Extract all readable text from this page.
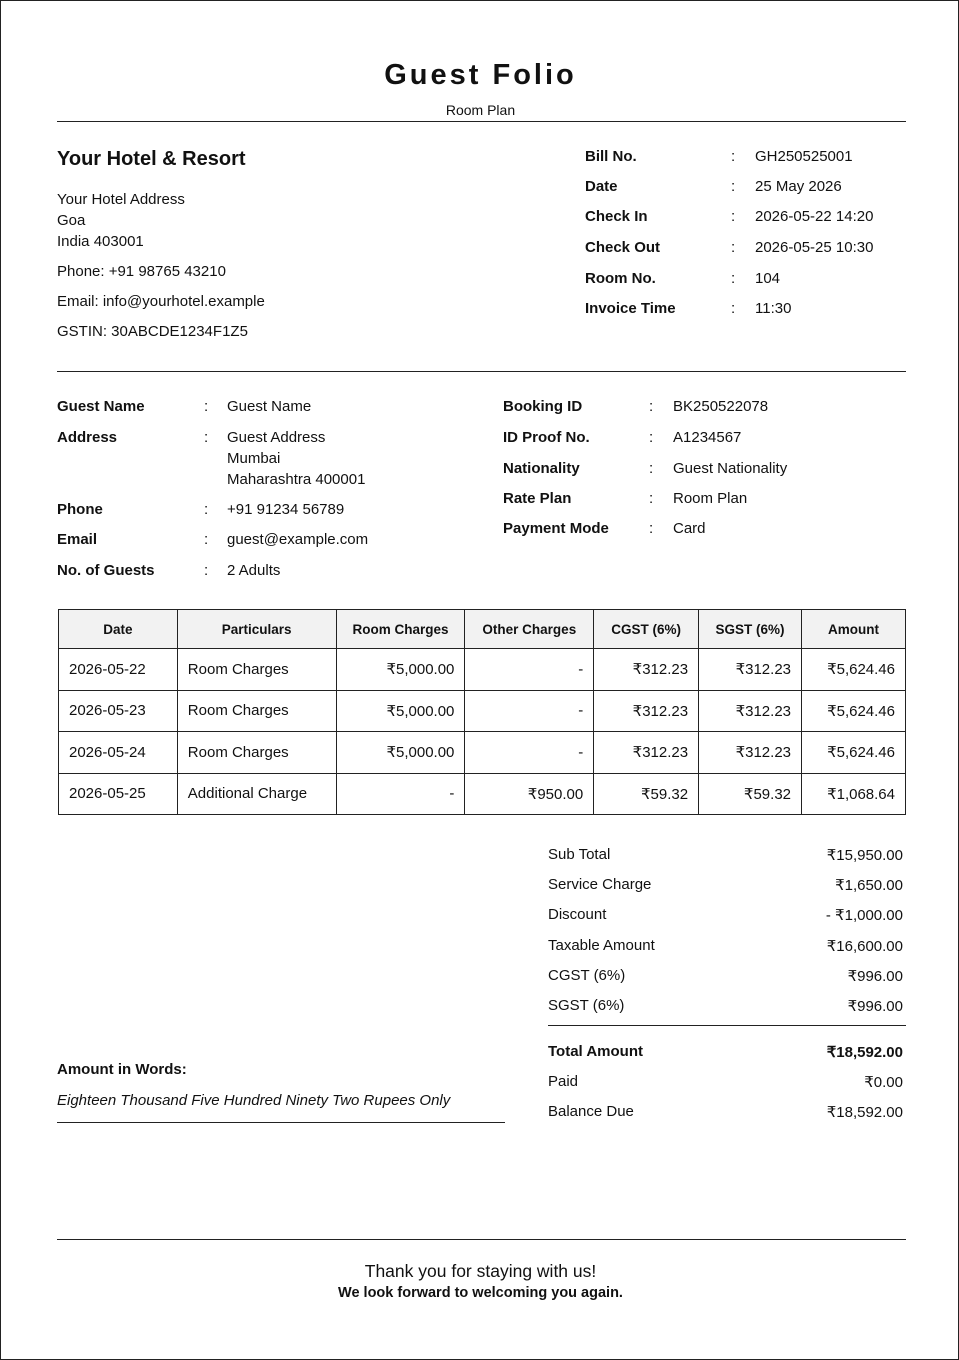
Guest Folio
Room Plan
Your Hotel & Resort
Your Hotel Address
Goa
India 403001
Phone: +91 98765 43210
Email: info@yourhotel.example
GSTIN: 30ABCDE1234F1Z5
Bill No.	: GH250525001
Date	: 25 May 2026
Check In	: 2026-05-22 14:20
Check Out	: 2026-05-25 10:30
Room No.	: 104
Invoice Time	: 11:30
Guest Name	: Guest Name
Address	: Guest Address
Mumbai
Maharashtra 400001
Phone	: +91 91234 56789
Email	: guest@example.com
No. of Guests	: 2 Adults
Booking ID	: BK250522078
ID Proof No.	: A1234567
Nationality	: Guest Nationality
Rate Plan	: Room Plan
Payment Mode	: Card
Date	Particulars	Room Charges	Other Charges	CGST (6%)	SGST (6%)	Amount
2026-05-22	Room Charges	₹5,000.00	-	₹312.23	₹312.23	₹5,624.46
2026-05-23	Room Charges	₹5,000.00	-	₹312.23	₹312.23	₹5,624.46
2026-05-24	Room Charges	₹5,000.00	-	₹312.23	₹312.23	₹5,624.46
2026-05-25	Additional Charge	-	₹950.00	₹59.32	₹59.32	₹1,068.64
Sub Total	₹15,950.00
Service Charge	₹1,650.00
Discount	- ₹1,000.00
Taxable Amount	₹16,600.00
CGST (6%)	₹996.00
SGST (6%)	₹996.00
Total Amount	₹18,592.00
Paid	₹0.00
Balance Due	₹18,592.00
Amount in Words:
Eighteen Thousand Five Hundred Ninety Two Rupees Only
Thank you for staying with us!
We look forward to welcoming you again.
